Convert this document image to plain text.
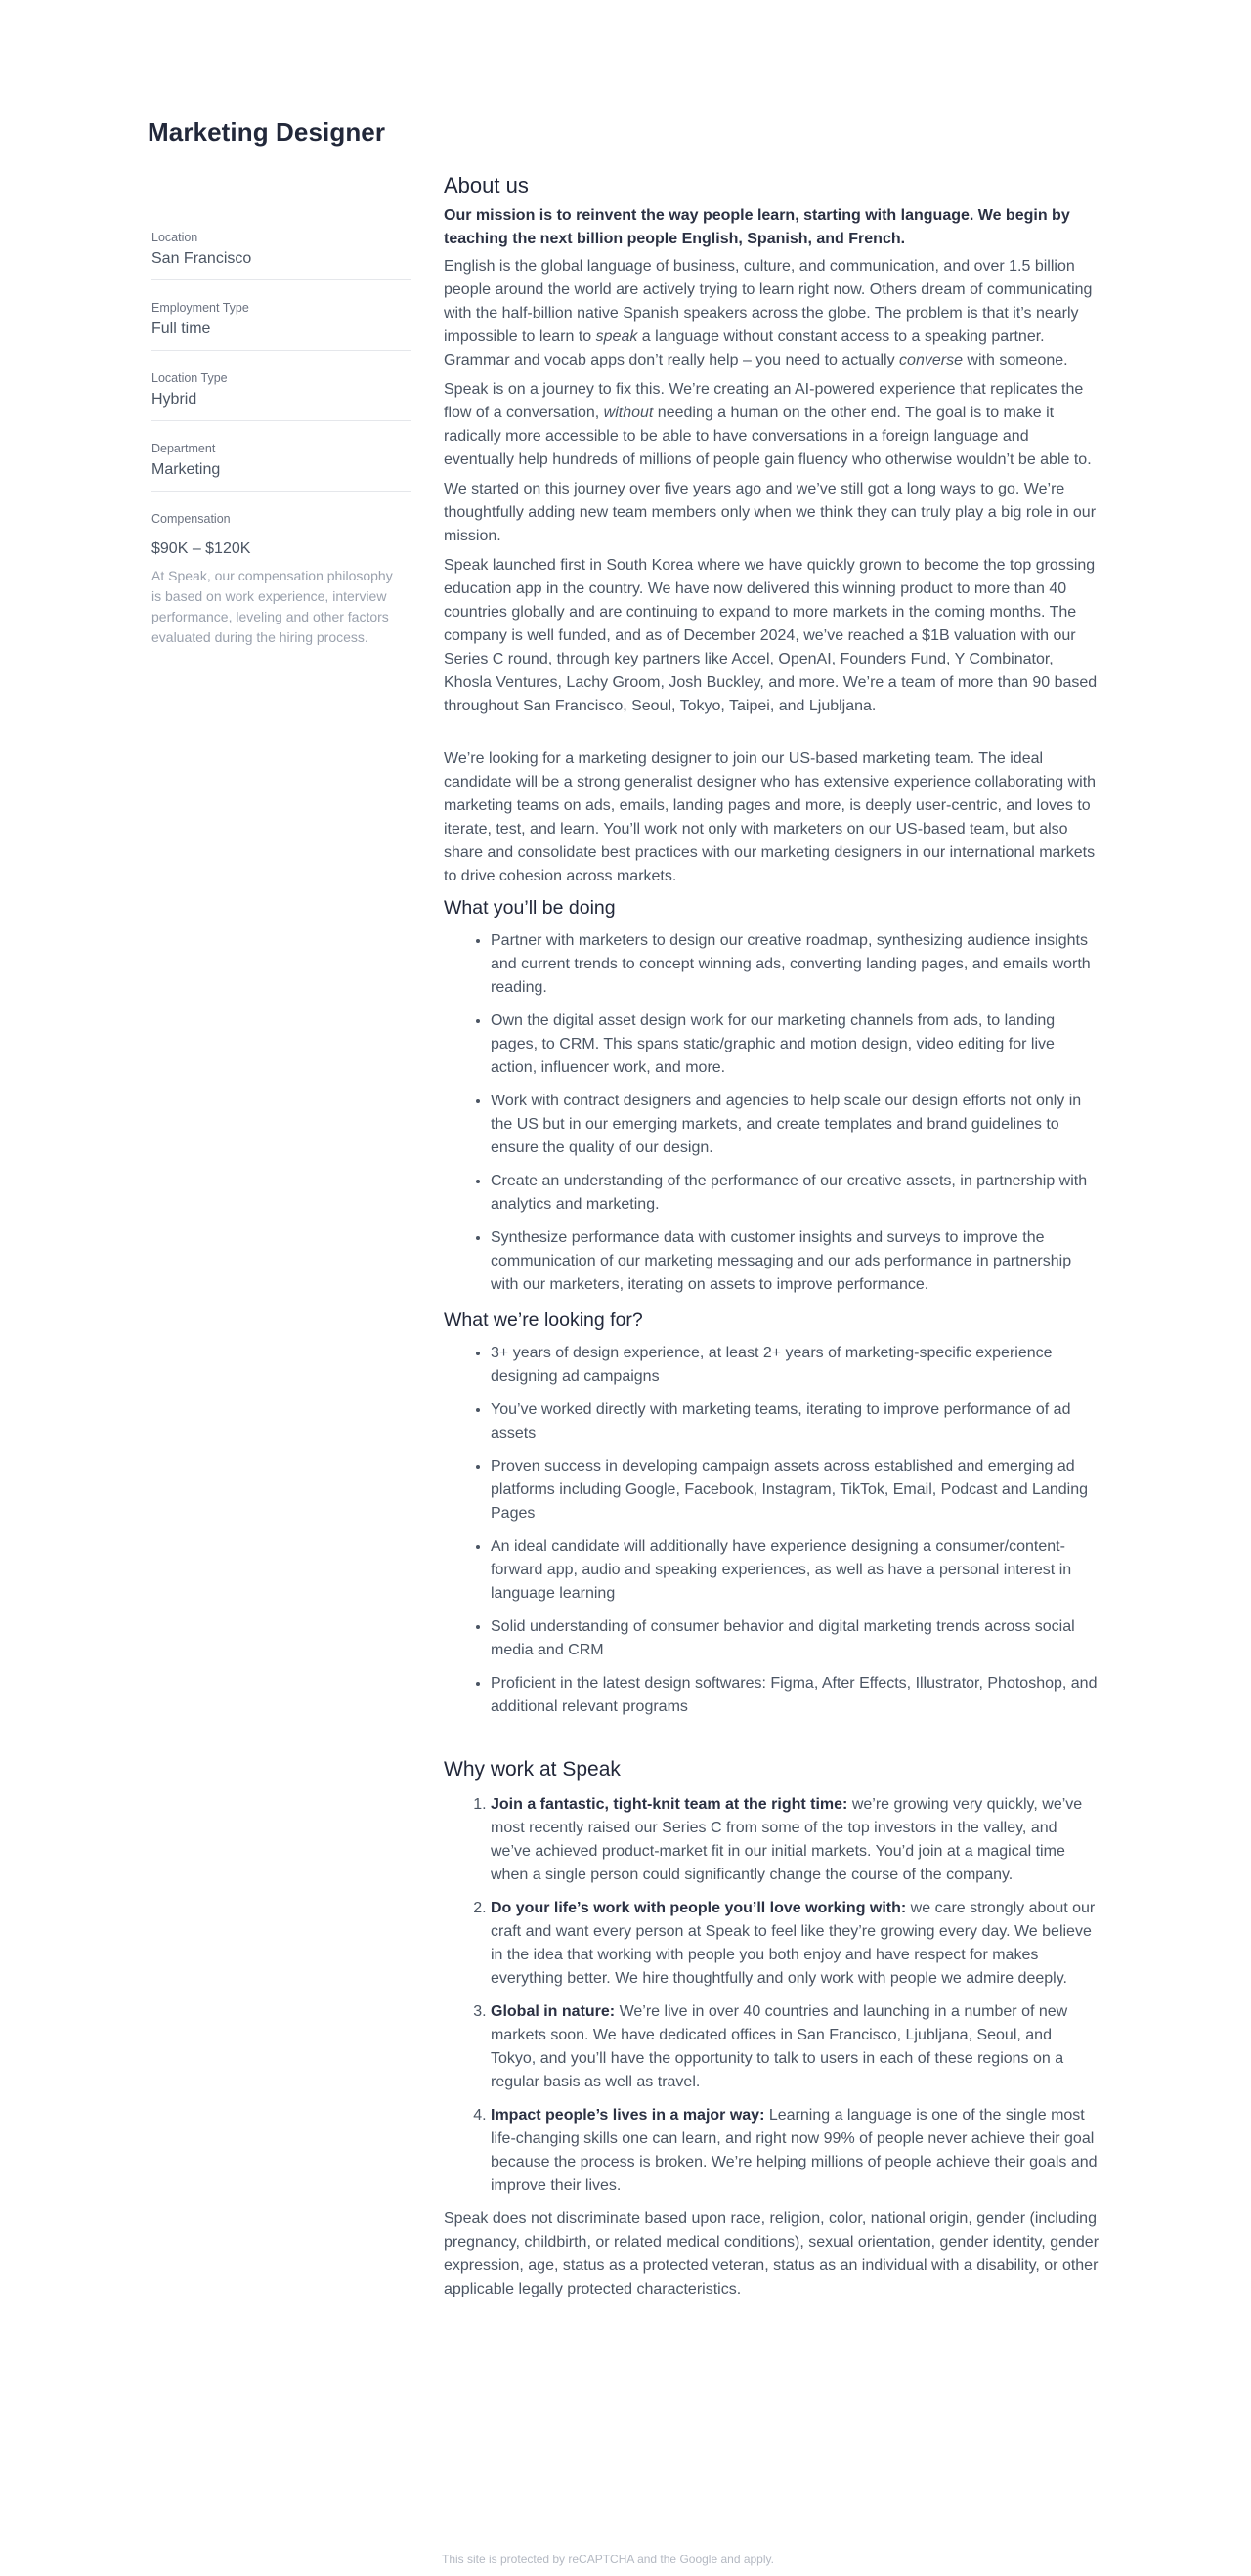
Marketing Designer
Location
San Francisco
Employment Type
Full time
Location Type
Hybrid
Department
Marketing
Compensation
$90K – $120K
At Speak, our compensation philosophy is based on work experience, interview performance, leveling and other factors evaluated during the hiring process.
About us

Our mission is to reinvent the way people learn, starting with language. We begin by teaching the next billion people English, Spanish, and French.

English is the global language of business, culture, and communication, and over 1.5 billion people around the world are actively trying to learn right now. Others dream of communicating with the half-billion native Spanish speakers across the globe. The problem is that it’s nearly impossible to learn to speak a language without constant access to a speaking partner. Grammar and vocab apps don’t really help – you need to actually converse with someone.

Speak is on a journey to fix this. We’re creating an AI-powered experience that replicates the flow of a conversation, without needing a human on the other end. The goal is to make it radically more accessible to be able to have conversations in a foreign language and eventually help hundreds of millions of people gain fluency who otherwise wouldn’t be able to.

We started on this journey over five years ago and we’ve still got a long ways to go. We’re thoughtfully adding new team members only when we think they can truly play a big role in our mission.

Speak launched first in South Korea where we have quickly grown to become the top grossing education app in the country. We have now delivered this winning product to more than 40 countries globally and are continuing to expand to more markets in the coming months. The company is well funded, and as of December 2024, we’ve reached a $1B valuation with our Series C round, through key partners like Accel, OpenAI, Founders Fund, Y Combinator, Khosla Ventures, Lachy Groom, Josh Buckley, and more. We’re a team of more than 90 based throughout San Francisco, Seoul, Tokyo, Taipei, and Ljubljana.

We’re looking for a marketing designer to join our US-based marketing team. The ideal candidate will be a strong generalist designer who has extensive experience collaborating with marketing teams on ads, emails, landing pages and more, is deeply user-centric, and loves to iterate, test, and learn. You’ll work not only with marketers on our US-based team, but also share and consolidate best practices with our marketing designers in our international markets to drive cohesion across markets.

What you’ll be doing
• Partner with marketers to design our creative roadmap, synthesizing audience insights and current trends to concept winning ads, converting landing pages, and emails worth reading.
• Own the digital asset design work for our marketing channels from ads, to landing pages, to CRM. This spans static/graphic and motion design, video editing for live action, influencer work, and more.
• Work with contract designers and agencies to help scale our design efforts not only in the US but in our emerging markets, and create templates and brand guidelines to ensure the quality of our design.
• Create an understanding of the performance of our creative assets, in partnership with analytics and marketing.
• Synthesize performance data with customer insights and surveys to improve the communication of our marketing messaging and our ads performance in partnership with our marketers, iterating on assets to improve performance.
What we’re looking for?
• 3+ years of design experience, at least 2+ years of marketing-specific experience designing ad campaigns
• You’ve worked directly with marketing teams, iterating to improve performance of ad assets
• Proven success in developing campaign assets across established and emerging ad platforms including Google, Facebook, Instagram, TikTok, Email, Podcast and Landing Pages
• An ideal candidate will additionally have experience designing a consumer/content-forward app, audio and speaking experiences, as well as have a personal interest in language learning
• Solid understanding of consumer behavior and digital marketing trends across social media and CRM
• Proficient in the latest design softwares: Figma, After Effects, Illustrator, Photoshop, and additional relevant programs
Why work at Speak
1. Join a fantastic, tight-knit team at the right time: we’re growing very quickly, we’ve most recently raised our Series C from some of the top investors in the valley, and we’ve achieved product-market fit in our initial markets. You’d join at a magical time when a single person could significantly change the course of the company.
2. Do your life’s work with people you’ll love working with: we care strongly about our craft and want every person at Speak to feel like they’re growing every day. We believe in the idea that working with people you both enjoy and have respect for makes everything better. We hire thoughtfully and only work with people we admire deeply.
3. Global in nature: We’re live in over 40 countries and launching in a number of new markets soon. We have dedicated offices in San Francisco, Ljubljana, Seoul, and Tokyo, and you’ll have the opportunity to talk to users in each of these regions on a regular basis as well as travel.
4. Impact people’s lives in a major way: Learning a language is one of the single most life-changing skills one can learn, and right now 99% of people never achieve their goal because the process is broken. We’re helping millions of people achieve their goals and improve their lives.

Speak does not discriminate based upon race, religion, color, national origin, gender (including pregnancy, childbirth, or related medical conditions), sexual orientation, gender identity, gender expression, age, status as a protected veteran, status as an individual with a disability, or other applicable legally protected characteristics.

This site is protected by reCAPTCHA and the Google and apply.
